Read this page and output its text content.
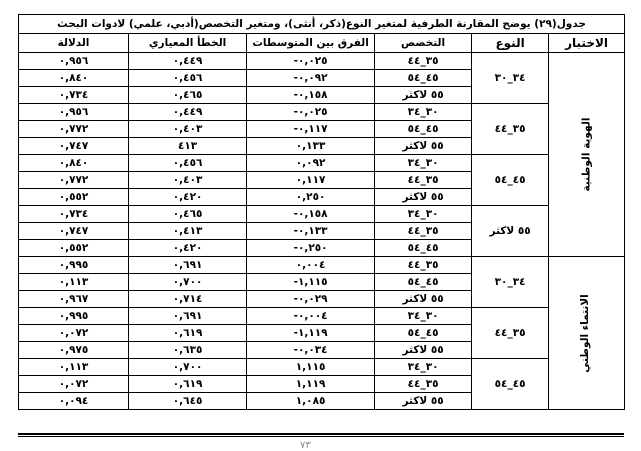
جدول(٢٩) يوضح المقارنة الطرفية لمتغير النوع(ذكر، أنثى)، ومتغير التخصص(أدبي، علمي) لادوات البحث					
الاختبار	النوع	التخصص	الفرق بين المتوسطات	الخطأ المعياري	الدلالة
الهوية الوطنية	٣٤_٣٠	٣٥_٤٤	٠,٠٢٥-	٠,٤٤٩	٠,٩٥٦
		٤٥_٥٤	٠,٠٩٢-	٠,٤٥٦	٠,٨٤٠
		٥٥ لاكثر	٠,١٥٨-	٠,٤٦٥	٠,٧٣٤
	٣٥_٤٤	٣٠_٣٤	٠,٠٢٥-	٠,٤٤٩	٠,٩٥٦
		٤٥_٥٤	٠,١١٧-	٠,٤٠٣	٠,٧٧٢
		٥٥ لاكثر	٠,١٣٣	٤١٣	٠,٧٤٧
	٤٥_٥٤	٣٠_٣٤	٠,٠٩٢	٠,٤٥٦	٠,٨٤٠
		٣٥_٤٤	٠,١١٧	٠,٤٠٣	٠,٧٧٢
		٥٥ لاكثر	٠,٢٥٠	٠,٤٢٠	٠,٥٥٢
	٥٥ لاكثر	٣٠_٣٤	٠,١٥٨-	٠,٤٦٥	٠,٧٣٤
		٣٥_٤٤	٠,١٣٣-	٠,٤١٣	٠,٧٤٧
		٤٥_٥٤	٠,٢٥٠-	٠,٤٢٠	٠,٥٥٢
الانتماء الوطني	٣٤_٣٠	٣٥_٤٤	٠,٠٠٤	٠,٦٩١	٠,٩٩٥
		٤٥_٥٤	١,١١٥-	٠,٧٠٠	٠,١١٣
		٥٥ لاكثر	٠,٠٢٩-	٠,٧١٤	٠,٩٦٧
	٣٥_٤٤	٣٠_٣٤	٠,٠٠٤-	٠,٦٩١	٠,٩٩٥
		٤٥_٥٤	١,١١٩-	٠,٦١٩	٠,٠٧٢
		٥٥ لاكثر	٠,٠٣٤-	٠,٦٣٥	٠,٩٧٥
	٤٥_٥٤	٣٠_٣٤	١,١١٥	٠,٧٠٠	٠,١١٣
		٣٥_٤٤	١,١١٩	٠,٦١٩	٠,٠٧٢
		٥٥ لاكثر	١,٠٨٥	٠,٦٤٥	٠,٠٩٤
٧٣
